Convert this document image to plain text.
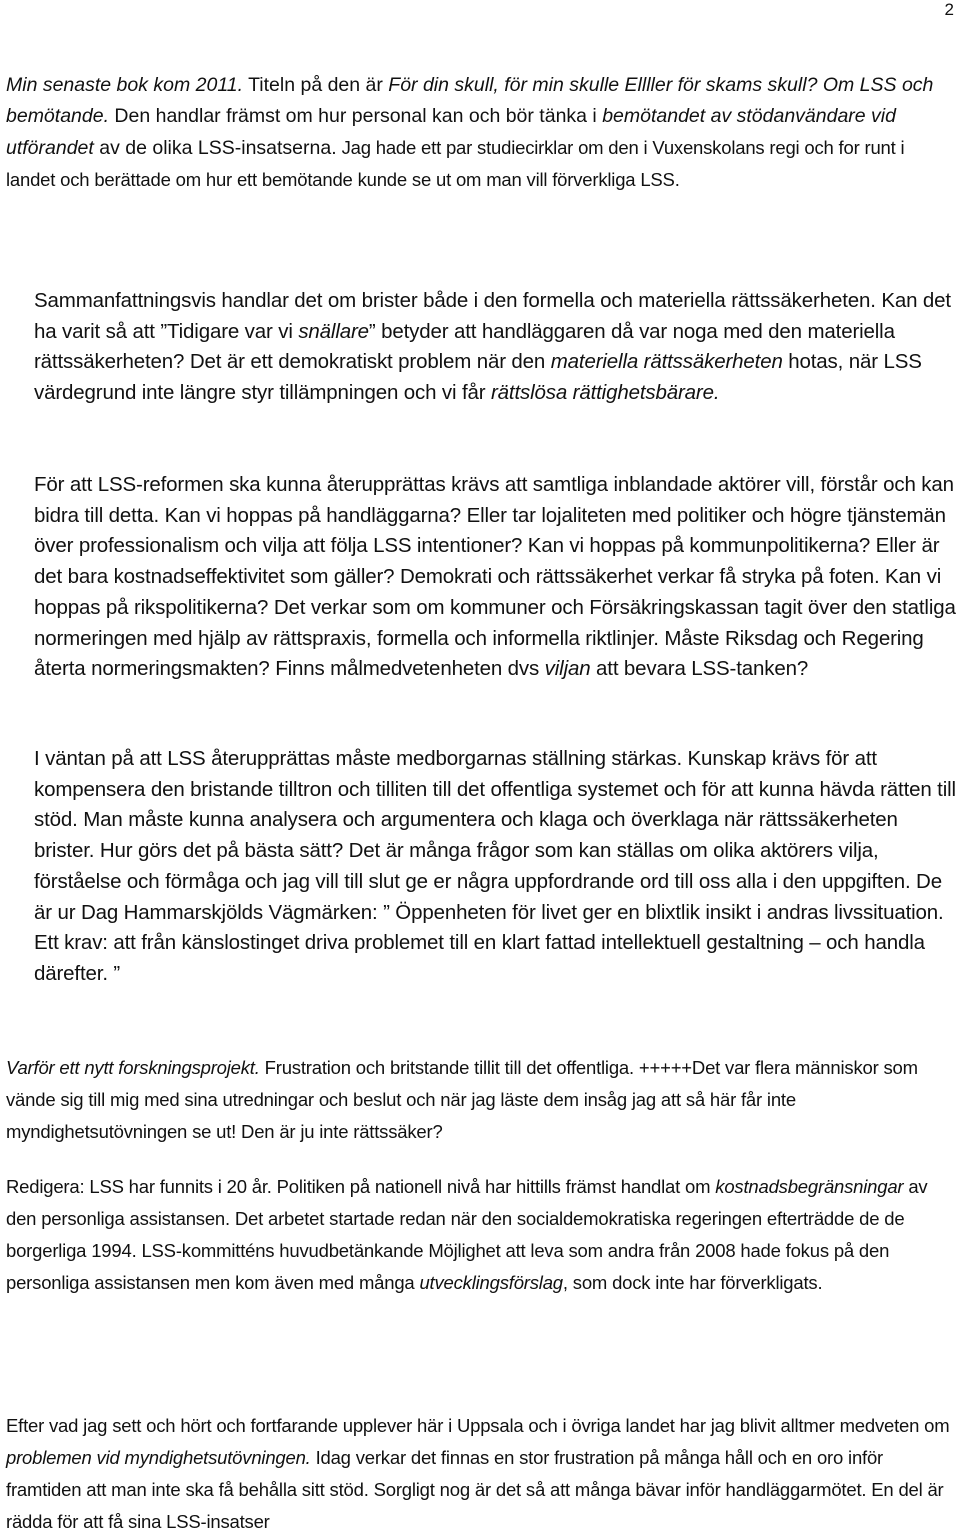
2

Min senaste bok kom 2011. Titeln på den är För din skull, för min skulle Ellller för skams skull? Om LSS och bemötande. Den handlar främst om hur personal kan och bör tänka i bemötandet av stödanvändare vid utförandet av de olika LSS-insatserna. Jag hade ett par studiecirklar om den i Vuxenskolans regi och for runt i landet och berättade om hur ett bemötande kunde se ut om man vill förverkliga LSS.

Sammanfattningsvis handlar det om brister både i den formella och materiella rättssäkerheten. Kan det ha varit så att ”Tidigare var vi snällare” betyder att handläggaren då var noga med den materiella rättssäkerheten? Det är ett demokratiskt problem när den materiella rättssäkerheten hotas, när LSS värdegrund inte längre styr tillämpningen och vi får rättslösa rättighetsbärare.

För att LSS-reformen ska kunna återupprättas krävs att samtliga inblandade aktörer vill, förstår och kan bidra till detta. Kan vi hoppas på handläggarna? Eller tar lojaliteten med politiker och högre tjänstemän över professionalism och vilja att följa LSS intentioner? Kan vi hoppas på kommunpolitikerna? Eller är det bara kostnadseffektivitet som gäller? Demokrati och rättssäkerhet verkar få stryka på foten. Kan vi hoppas på rikspolitikerna? Det verkar som om kommuner och Försäkringskassan tagit över den statliga normeringen med hjälp av rättspraxis, formella och informella riktlinjer. Måste Riksdag och Regering återta normeringsmakten? Finns målmedvetenheten dvs viljan att bevara LSS-tanken?

I väntan på att LSS återupprättas måste medborgarnas ställning stärkas. Kunskap krävs för att kompensera den bristande tilltron och tilliten till det offentliga systemet och för att kunna hävda rätten till stöd. Man måste kunna analysera och argumentera och klaga och överklaga när rättssäkerheten brister. Hur görs det på bästa sätt? Det är många frågor som kan ställas om olika aktörers vilja, förståelse och förmåga och jag vill till slut ge er några uppfordrande ord till oss alla i den uppgiften. De är ur Dag Hammarskjölds Vägmärken: ” Öppenheten för livet ger en blixtlik insikt i andras livssituation. Ett krav: att från känslostinget driva problemet till en klart fattad intellektuell gestaltning – och handla därefter. ”

Varför ett nytt forskningsprojekt. Frustration och britstande tillit till det offentliga. +++++Det var flera människor som vände sig till mig med sina utredningar och beslut och när jag läste dem insåg jag att så här får inte myndighetsutövningen se ut! Den är ju inte rättssäker?

Redigera: LSS har funnits i 20 år. Politiken på nationell nivå har hittills främst handlat om kostnadsbegränsningar av den personliga assistansen. Det arbetet startade redan när den socialdemokratiska regeringen efterträdde de de borgerliga 1994. LSS-kommitténs huvudbetänkande Möjlighet att leva som andra från 2008 hade fokus på den personliga assistansen men kom även med många utvecklingsförslag, som dock inte har förverkligats.

Efter vad jag sett och hört och fortfarande upplever här i Uppsala och i övriga landet har jag blivit alltmer medveten om problemen vid myndighetsutövningen. Idag verkar det finnas en stor frustration på många håll och en oro inför framtiden att man inte ska få behålla sitt stöd. Sorgligt nog är det så att många bävar inför handläggarmötet. En del är rädda för att få sina LSS-insatser
